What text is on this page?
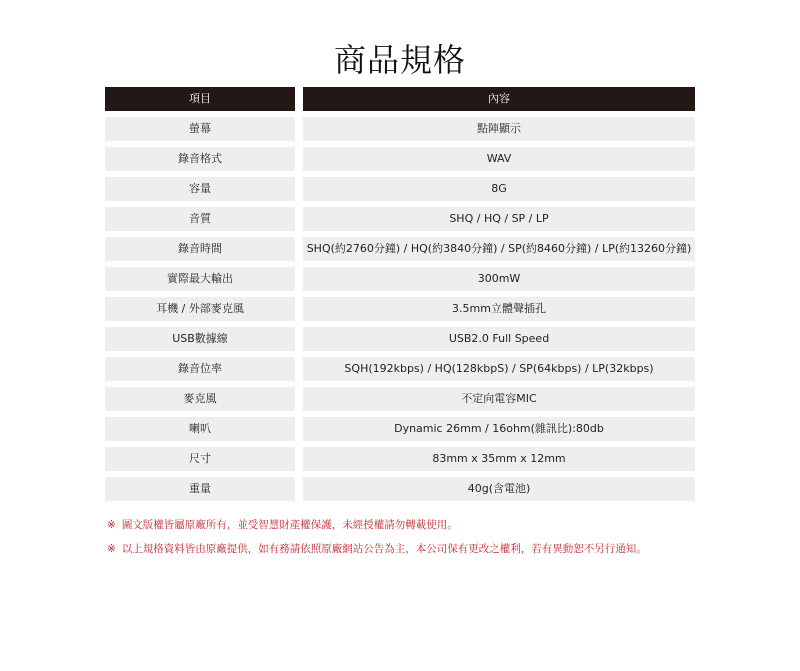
商品規格
項目	內容
螢幕	點陣顯示
錄音格式	WAV
容量	8G
音質	SHQ / HQ / SP / LP
錄音時間	SHQ(約2760分鐘) / HQ(約3840分鐘) / SP(約8460分鐘) / LP(約13260分鐘)
實際最大輸出	300mW
耳機 / 外部麥克風	3.5mm立體聲插孔
USB數據線	USB2.0 Full Speed
錄音位率	SQH(192kbps) / HQ(128kbpS) / SP(64kbps) / LP(32kbps)
麥克風	不定向電容MIC
喇叭	Dynamic 26mm / 16ohm(雜訊比):80db
尺寸	83mm x 35mm x 12mm
重量	40g(含電池)
※ 圖文版權皆屬原廠所有，並受智慧財產權保護，未經授權請勿轉載使用。
※ 以上規格資料皆由原廠提供，如有務請依照原廠網站公告為主，本公司保有更改之權利，若有異動恕不另行通知。
